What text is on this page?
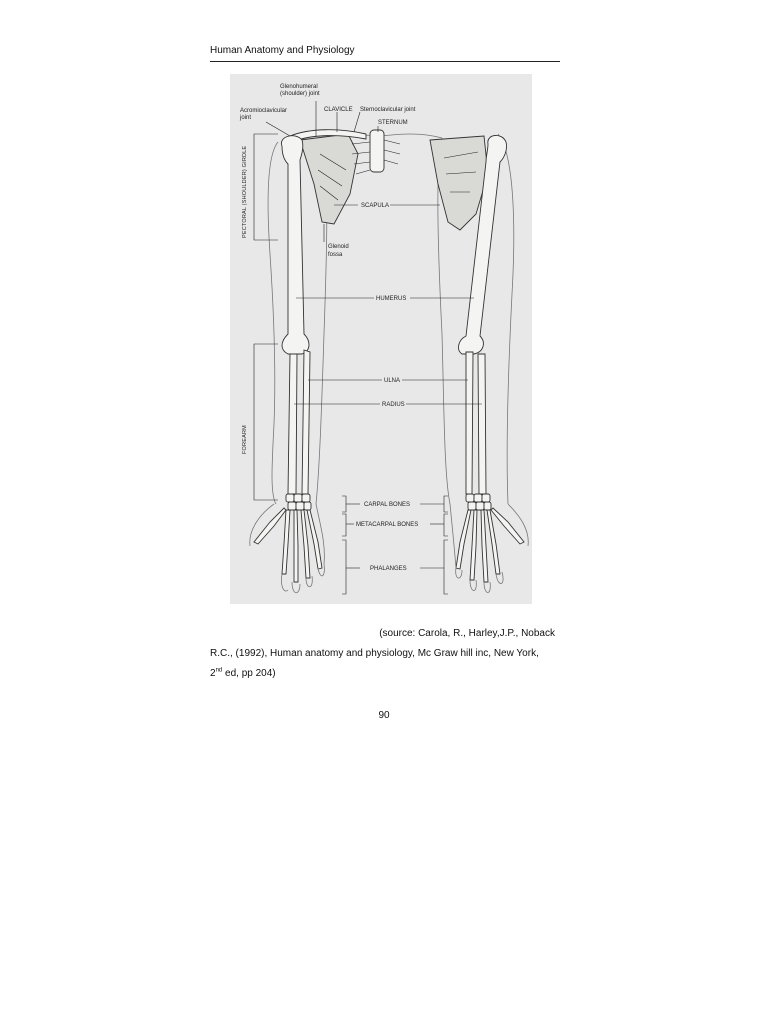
Human Anatomy and Physiology
Glenohumeral
(shoulder) joint
Acromioclavicular
joint
CLAVICLE Sternoclavicular joint
STERNUM
SCAPULA
Glenoid
fossa
HUMERUS
ULNA
RADIUS
CARPAL BONES
METACARPAL BONES
PHALANGES
PECTORAL (SHOULDER) GIRDLE
FOREARM
(source: Carola, R., Harley,J.P., Noback
R.C., (1992), Human anatomy and physiology, Mc Graw hill inc, New York,
2nd ed, pp 204)
90
